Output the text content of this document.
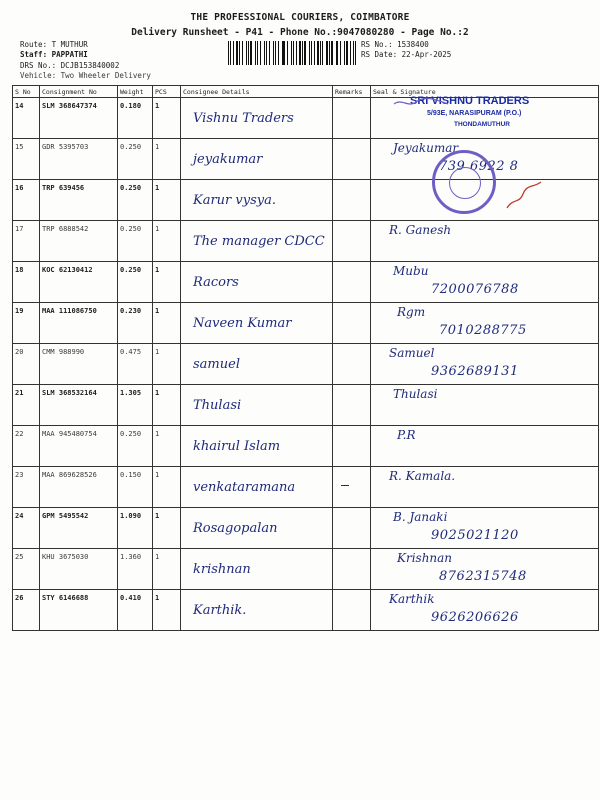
THE PROFESSIONAL COURIERS, COIMBATORE
Delivery Runsheet - P41 - Phone No.:9047080280 - Page No.:2
Route: T MUTHUR
Staff: PAPPATHI
DRS No.: DCJB153840002
Vehicle: Two Wheeler Delivery
RS No.: 1538400
RS Date: 22-Apr-2025
S No	Consignment No	Weight	PCS	Consignee Details	Remarks	Seal & Signature

14	SLM 368647374	0.180	1	Vishnu Traders		

15	GDR 5395703	0.250	1	jeyakumar		Jeyakumar
739 6922 8

16	TRP 639456	0.250	1	Karur vysya.		

17	TRP 6888542	0.250	1	The manager CDCC		R. Ganesh

18	KOC 62130412	0.250	1	Racors		Mubu
7200076788

19	MAA 111086750	0.230	1	Naveen Kumar		Rgm
7010288775

20	CMM 988990	0.475	1	samuel		Samuel
9362689131

21	SLM 368532164	1.305	1	Thulasi		Thulasi

22	MAA 945480754	0.250	1	khairul Islam		P.R

23	MAA 869628526	0.150	1	venkataramana		R. Kamala.

24	GPM 5495542	1.090	1	Rosagopalan		B. Janaki
9025021120

25	KHU 3675030	1.360	1	krishnan		Krishnan
8762315748

26	STY 6146688	0.410	1	Karthik.		Karthik
9626206626
SRI VISHNU TRADERS
5/93E, NARASIPURAM (P.O.)
THONDAMUTHUR
